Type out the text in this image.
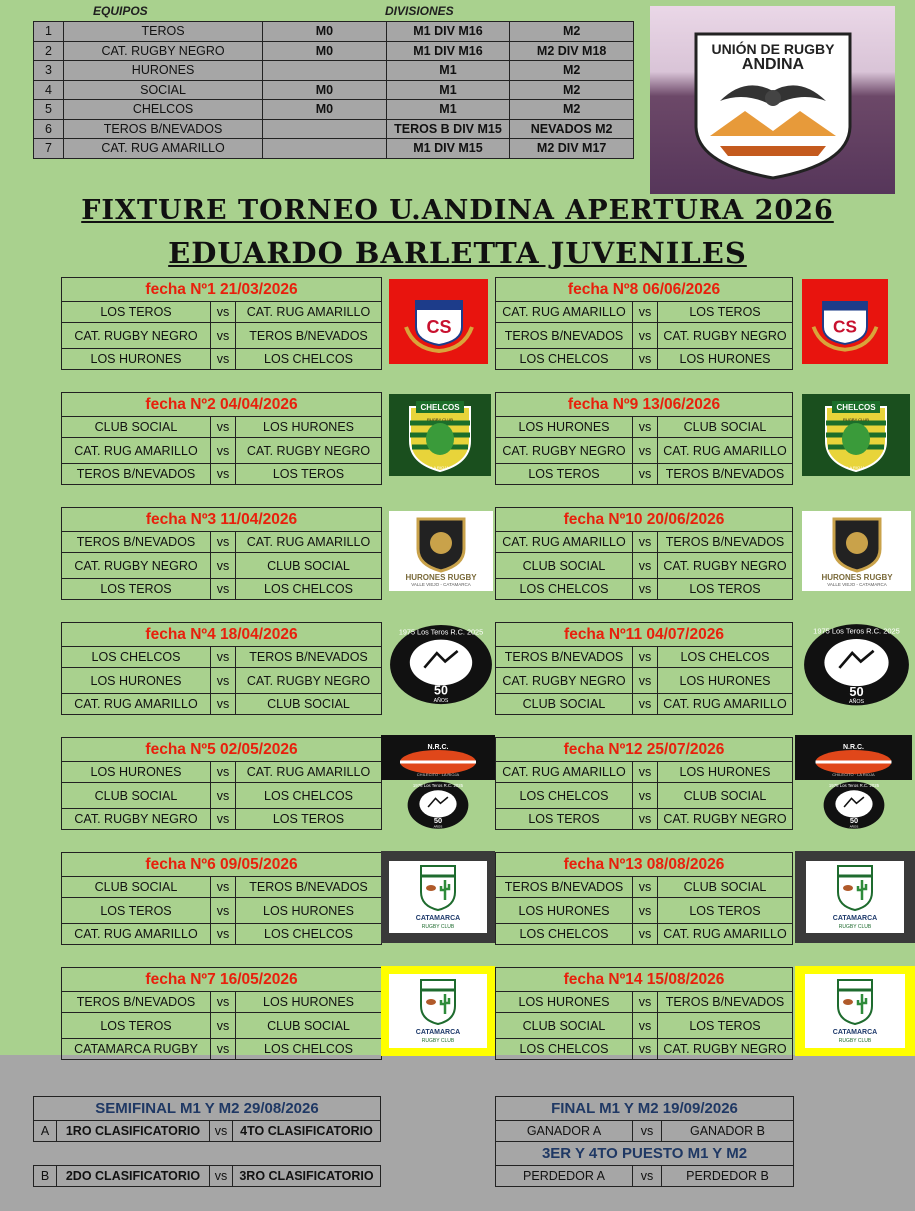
EQUIPOS	DIVISIONES
1	TEROS	M0	M1 DIV M16	M2
2	CAT. RUGBY NEGRO	M0	M1 DIV M16	M2 DIV M18
3	HURONES		M1	M2
4	SOCIAL	M0	M1	M2
5	CHELCOS	M0	M1	M2
6	TEROS B/NEVADOS		TEROS B DIV M15	NEVADOS M2
7	CAT. RUG AMARILLO		M1 DIV M15	M2 DIV M17
UNIÓN DE RUGBY
ANDINA
FIXTURE TORNEO U.ANDINA APERTURA 2026
EDUARDO BARLETTA JUVENILES
fecha Nº1 21/03/2026		
LOS TEROS	vs	CAT. RUG AMARILLO
CAT. RUGBY NEGRO	vs	TEROS B/NEVADOS
LOS HURONES	vs	LOS CHELCOS
fecha Nº8 06/06/2026		
CAT. RUG AMARILLO	vs	LOS TEROS
TEROS B/NEVADOS	vs	CAT. RUGBY NEGRO
LOS CHELCOS	vs	LOS HURONES
fecha Nº2 04/04/2026		
CLUB SOCIAL	vs	LOS HURONES
CAT. RUG AMARILLO	vs	CAT. RUGBY NEGRO
TEROS B/NEVADOS	vs	LOS TEROS
fecha Nº9 13/06/2026		
LOS HURONES	vs	CLUB SOCIAL
CAT. RUGBY NEGRO	vs	CAT. RUG AMARILLO
LOS TEROS	vs	TEROS B/NEVADOS
fecha Nº3 11/04/2026		
TEROS B/NEVADOS	vs	CAT. RUG AMARILLO
CAT. RUGBY NEGRO	vs	CLUB SOCIAL
LOS TEROS	vs	LOS CHELCOS
fecha Nº10 20/06/2026		
CAT. RUG AMARILLO	vs	TEROS B/NEVADOS
CLUB SOCIAL	vs	CAT. RUGBY NEGRO
LOS CHELCOS	vs	LOS TEROS
fecha Nº4 18/04/2026		
LOS CHELCOS	vs	TEROS B/NEVADOS
LOS HURONES	vs	CAT. RUGBY NEGRO
CAT. RUG AMARILLO	vs	CLUB SOCIAL
fecha Nº11 04/07/2026		
TEROS B/NEVADOS	vs	LOS CHELCOS
CAT. RUGBY NEGRO	vs	LOS HURONES
CLUB SOCIAL	vs	CAT. RUG AMARILLO
fecha Nº5 02/05/2026		
LOS HURONES	vs	CAT. RUG AMARILLO
CLUB SOCIAL	vs	LOS CHELCOS
CAT. RUGBY NEGRO	vs	LOS TEROS
fecha Nº12 25/07/2026		
CAT. RUG AMARILLO	vs	LOS HURONES
LOS CHELCOS	vs	CLUB SOCIAL
LOS TEROS	vs	CAT. RUGBY NEGRO
fecha Nº6 09/05/2026		
CLUB SOCIAL	vs	TEROS B/NEVADOS
LOS TEROS	vs	LOS HURONES
CAT. RUG AMARILLO	vs	LOS CHELCOS
fecha Nº13 08/08/2026		
TEROS B/NEVADOS	vs	CLUB SOCIAL
LOS HURONES	vs	LOS TEROS
LOS CHELCOS	vs	CAT. RUG AMARILLO
fecha Nº7 16/05/2026		
TEROS B/NEVADOS	vs	LOS HURONES
LOS TEROS	vs	CLUB SOCIAL
CATAMARCA RUGBY	vs	LOS CHELCOS
fecha Nº14 15/08/2026		
LOS HURONES	vs	TEROS B/NEVADOS
CLUB SOCIAL	vs	LOS TEROS
LOS CHELCOS	vs	CAT. RUGBY NEGRO
CS	CS
CHELCOS
RUGBY CLUB
LA RIOJA
CHELCOS
RUGBY CLUB
LA RIOJA
HURONES RUGBY
VALLE VIEJO - CATAMARCA
HURONES RUGBY
VALLE VIEJO - CATAMARCA
1975 Los Teros R.C. 2025
50
AÑOS
1975 Los Teros R.C. 2025
50
AÑOS
N.R.C.
CHILECITO · LA RIOJA
1975 Los Teros R.C. 2025
50
AÑOS
N.R.C.
CHILECITO · LA RIOJA
1975 Los Teros R.C. 2025
50
AÑOS
CATAMARCA
RUGBY CLUB
CATAMARCA
RUGBY CLUB
CATAMARCA
RUGBY CLUB
CATAMARCA
RUGBY CLUB
SEMIFINAL M1 Y M2 29/08/2026			
A	1RO CLASIFICATORIO	vs	4TO CLASIFICATORIO

B	2DO CLASIFICATORIO	vs	3RO CLASIFICATORIO
FINAL M1 Y M2 19/09/2026		
GANADOR A	vs	GANADOR B
3ER Y 4TO PUESTO M1 Y M2		
PERDEDOR A	vs	PERDEDOR B
